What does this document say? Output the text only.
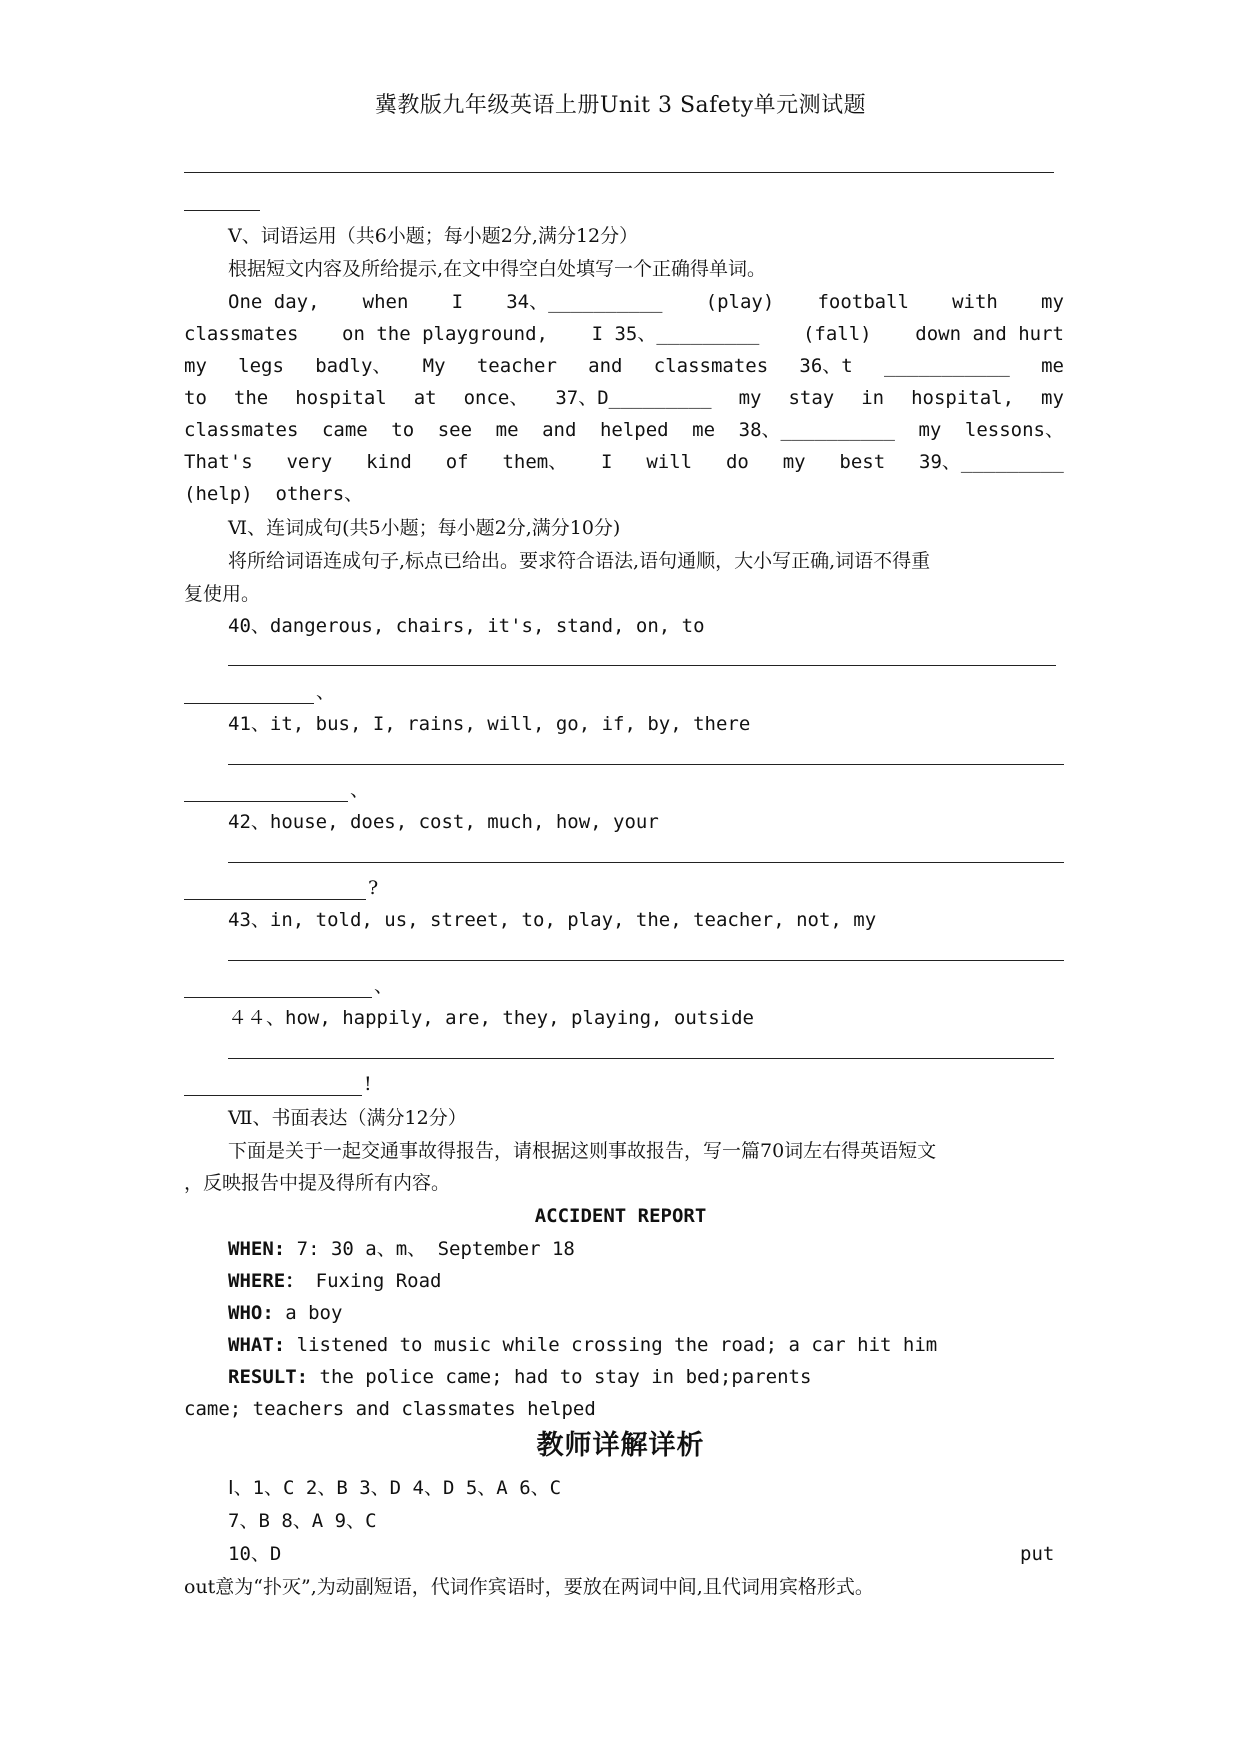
冀教版九年级英语上册Unit 3 Safety单元测试题
Ⅴ、词语运用（共6小题；每小题2分,满分12分）
根据短文内容及所给提示,在文中得空白处填写一个正确得单词。
One day, when I 34、__________ (play) football with my
classmates on the playground, I 35、_________ (fall) down and hurt
my legs badly、 My teacher and classmates 36、t ___________ me
to the hospital at once、 37、D_________ my stay in hospital, my
classmates came to see me and helped me 38、__________ my lessons、
That's very kind of them、 I will do my best 39、_________
(help) others、
Ⅵ、连词成句(共5小题；每小题2分,满分10分)
将所给词语连成句子,标点已给出。要求符合语法,语句通顺，大小写正确,词语不得重
复使用。
40、dangerous, chairs, it's, stand, on, to
、
41、it, bus, I, rains, will, go, if, by, there
、
42、house, does, cost, much, how, your
?
43、in, told, us, street, to, play, the, teacher, not, my
、
４４、how, happily, are, they, playing, outside
!
Ⅶ、书面表达（满分12分）
下面是关于一起交通事故得报告，请根据这则事故报告，写一篇70词左右得英语短文
，反映报告中提及得所有内容。
ACCIDENT REPORT
WHEN: 7: 30 a、m、 September 18
WHERE： Fuxing Road
WHO: a boy
WHAT: listened to music while crossing the road; a car hit him
RESULT: the police came; had to stay in bed;parents
came; teachers and classmates helped
教师详解详析
Ⅰ、1、C 2、B 3、D 4、D 5、A 6、C
7、B 8、A 9、C
10、D	put
out意为“扑灭”,为动副短语，代词作宾语时，要放在两词中间,且代词用宾格形式。
